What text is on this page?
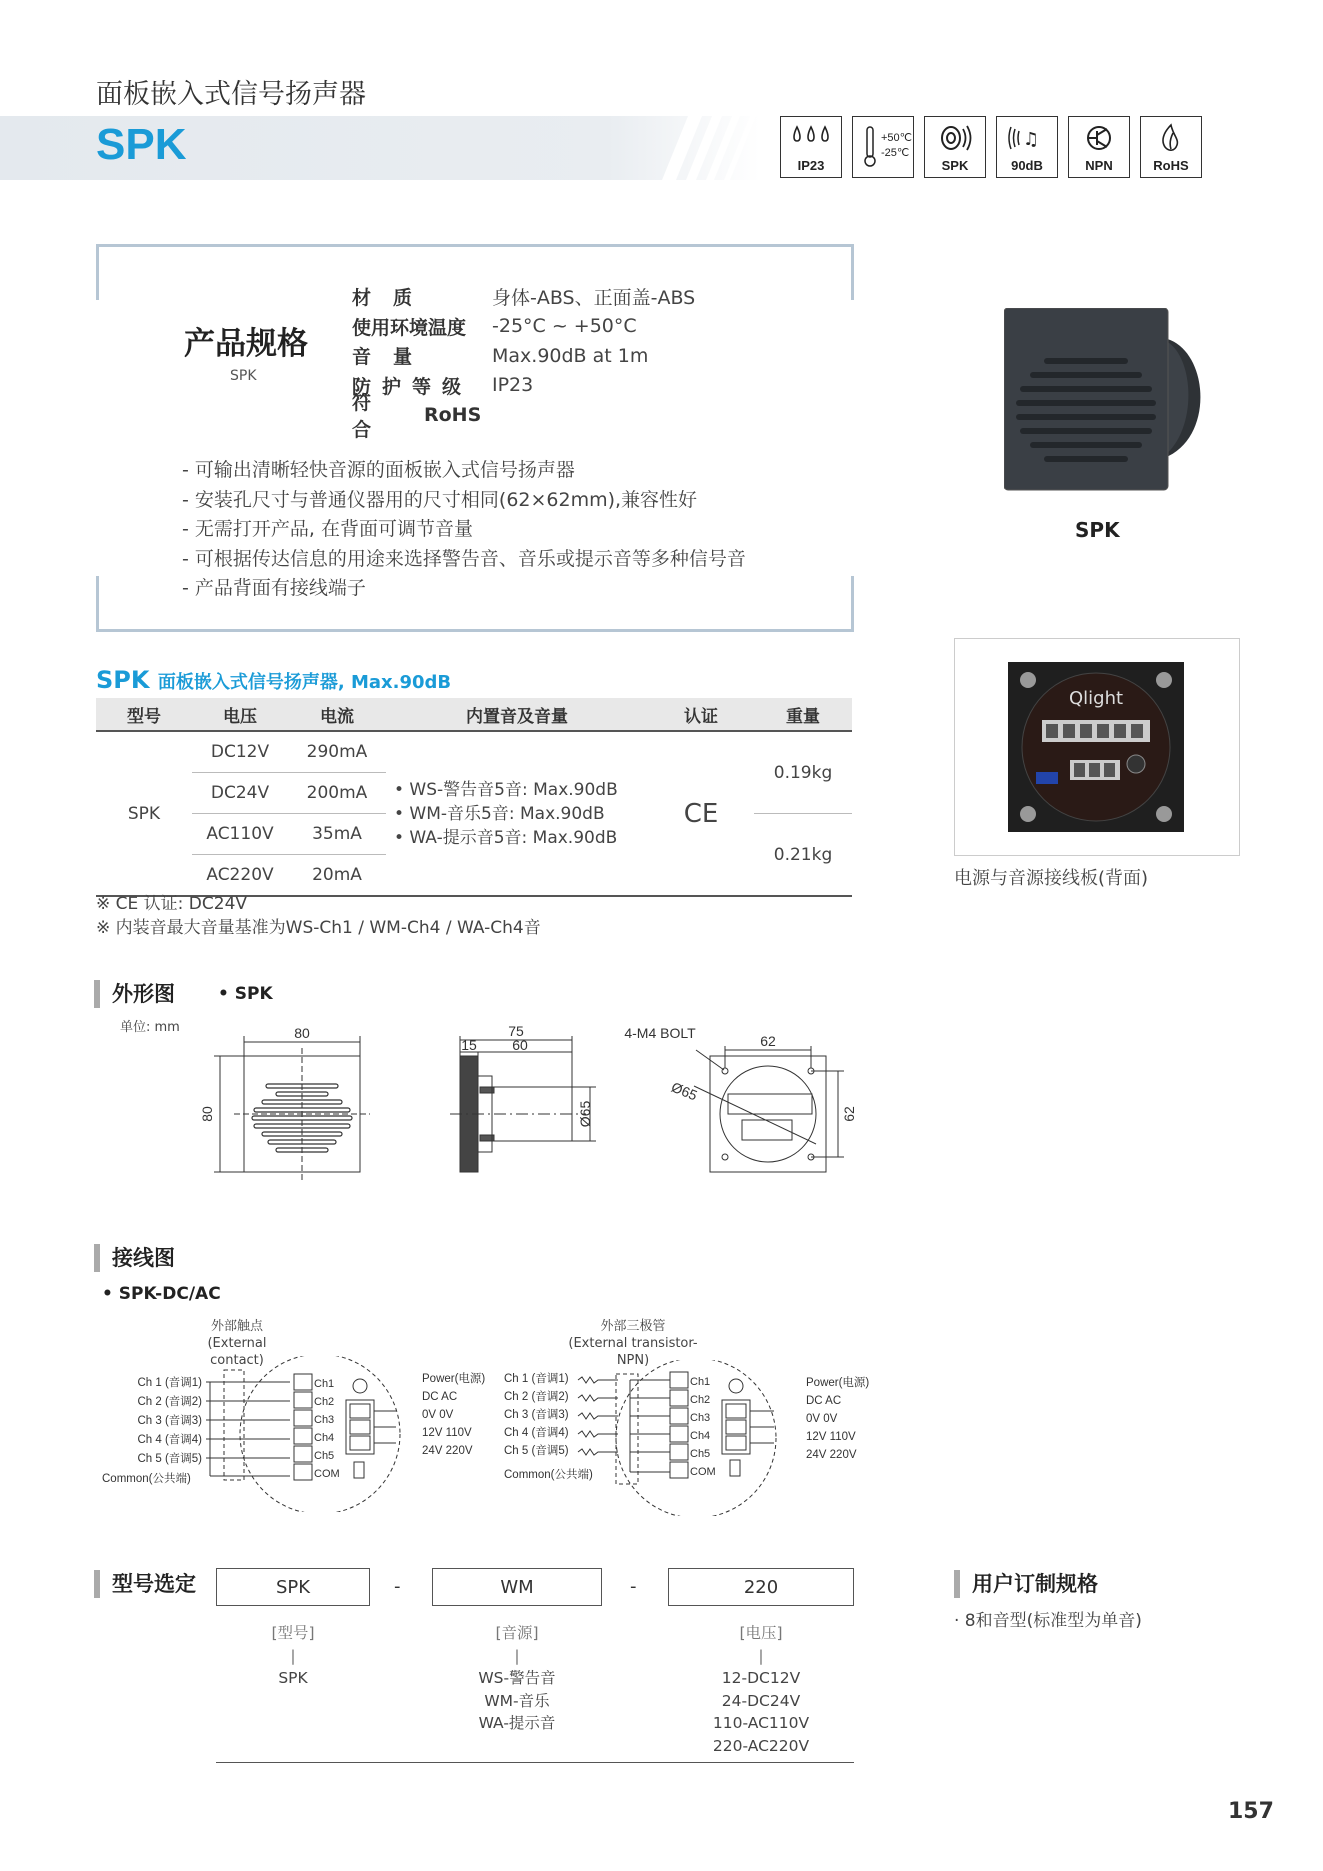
面板嵌入式信号扬声器
SPK	IP23
+50℃
-25℃
SPK
♫
90dB	NPN	RoHS
产品规格
SPK
材质	身体-ABS、正面盖-ABS
使用环境温度	-25°C ~ +50°C
音量	Max.90dB at 1m
防护等级	IP23
符合
RoHS
- 可输出清晰轻快音源的面板嵌入式信号扬声器
- 安装孔尺寸与普通仪器用的尺寸相同(62×62mm),兼容性好
- 无需打开产品, 在背面可调节音量
- 可根据传达信息的用途来选择警告音、音乐或提示音等多种信号音
- 产品背面有接线端子
SPK
Qlight
电源与音源接线板(背面)
SPK 面板嵌入式信号扬声器, Max.90dB
型号	电压	电流	内置音及音量	认证	重量
SPK	DC12V	290mA	• WS-警告音5音: Max.90dB
• WM-音乐5音: Max.90dB
• WA-提示音5音: Max.90dB	CE	0.19kg
	DC24V	200mA			
	AC110V	35mA			0.21kg
	AC220V	20mA			
※ CE 认证: DC24V
※ 内装音最大音量基准为WS-Ch1 / WM-Ch4 / WA-Ch4音
外形图	• SPK
单位: mm	80
80
75
15	60
Ø65
4-M4 BOLT	62
62
Ø65
接线图
• SPK-DC/AC
外部触点
(External contact)
外部三极管
(External transistor-NPN)
Ch 1 (音调1)
Ch 2 (音调2)
Ch 3 (音调3)
Ch 4 (音调4)
Ch 5 (音调5)
Common(公共端)
Ch1
Ch2
Ch3
Ch4
Ch5
COM
Power(电源)
DC AC
0V 0V
12V 110V
24V 220V
Ch 1 (音调1)
Ch 2 (音调2)
Ch 3 (音调3)
Ch 4 (音调4)
Ch 5 (音调5)
Common(公共端)
Ch1
Ch2
Ch3
Ch4
Ch5
COM
Power(电源)
DC AC
0V 0V
12V 110V
24V 220V
型号选定	SPK	-	WM	-	220
[型号]
|
SPK
[音源]
|
WS-警告音
WM-音乐
WA-提示音
[电压]
|
12-DC12V
24-DC24V
110-AC110V
220-AC220V
用户订制规格
· 8和音型(标准型为单音)
157
